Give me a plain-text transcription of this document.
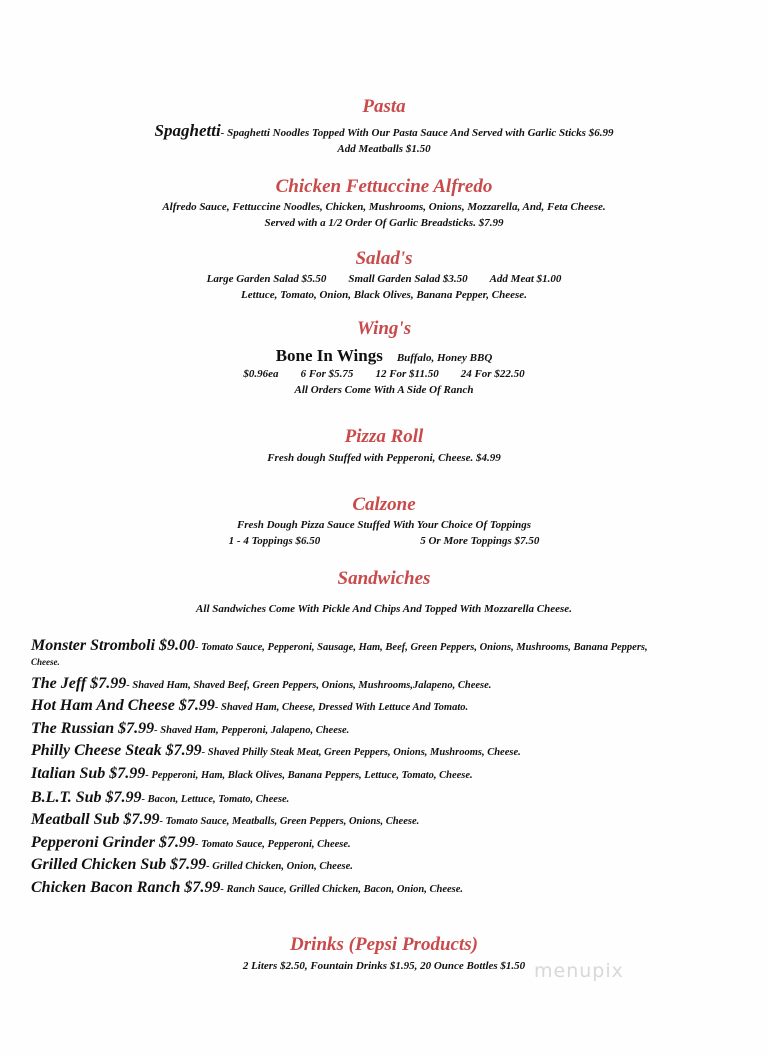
Pasta
Spaghetti- Spaghetti Noodles Topped With Our Pasta Sauce And Served with Garlic Sticks $6.99
Add Meatballs $1.50
Chicken Fettuccine Alfredo
Alfredo Sauce, Fettuccine Noodles, Chicken, Mushrooms, Onions, Mozzarella, And, Feta Cheese.
Served with a 1/2 Order Of Garlic Breadsticks. $7.99
Salad's
Large Garden Salad $5.50 Small Garden Salad $3.50 Add Meat $1.00
Lettuce, Tomato, Onion, Black Olives, Banana Pepper, Cheese.
Wing's
Bone In Wings Buffalo, Honey BBQ
$0.96ea 6 For $5.75 12 For $11.50 24 For $22.50
All Orders Come With A Side Of Ranch
Pizza Roll
Fresh dough Stuffed with Pepperoni, Cheese. $4.99
Calzone
Fresh Dough Pizza Sauce Stuffed With Your Choice Of Toppings
1 - 4 Toppings $6.50	5 Or More Toppings $7.50
Sandwiches
All Sandwiches Come With Pickle And Chips And Topped With Mozzarella Cheese.
Monster Stromboli $9.00- Tomato Sauce, Pepperoni, Sausage, Ham, Beef, Green Peppers, Onions, Mushrooms, Banana Peppers,
Cheese.
The Jeff $7.99- Shaved Ham, Shaved Beef, Green Peppers, Onions, Mushrooms,Jalapeno, Cheese.
Hot Ham And Cheese $7.99- Shaved Ham, Cheese, Dressed With Lettuce And Tomato.
The Russian $7.99- Shaved Ham, Pepperoni, Jalapeno, Cheese.
Philly Cheese Steak $7.99- Shaved Philly Steak Meat, Green Peppers, Onions, Mushrooms, Cheese.
Italian Sub $7.99- Pepperoni, Ham, Black Olives, Banana Peppers, Lettuce, Tomato, Cheese.
B.L.T. Sub $7.99- Bacon, Lettuce, Tomato, Cheese.
Meatball Sub $7.99- Tomato Sauce, Meatballs, Green Peppers, Onions, Cheese.
Pepperoni Grinder $7.99- Tomato Sauce, Pepperoni, Cheese.
Grilled Chicken Sub $7.99- Grilled Chicken, Onion, Cheese.
Chicken Bacon Ranch $7.99- Ranch Sauce, Grilled Chicken, Bacon, Onion, Cheese.
Drinks (Pepsi Products)
2 Liters $2.50, Fountain Drinks $1.95, 20 Ounce Bottles $1.50 menupix
